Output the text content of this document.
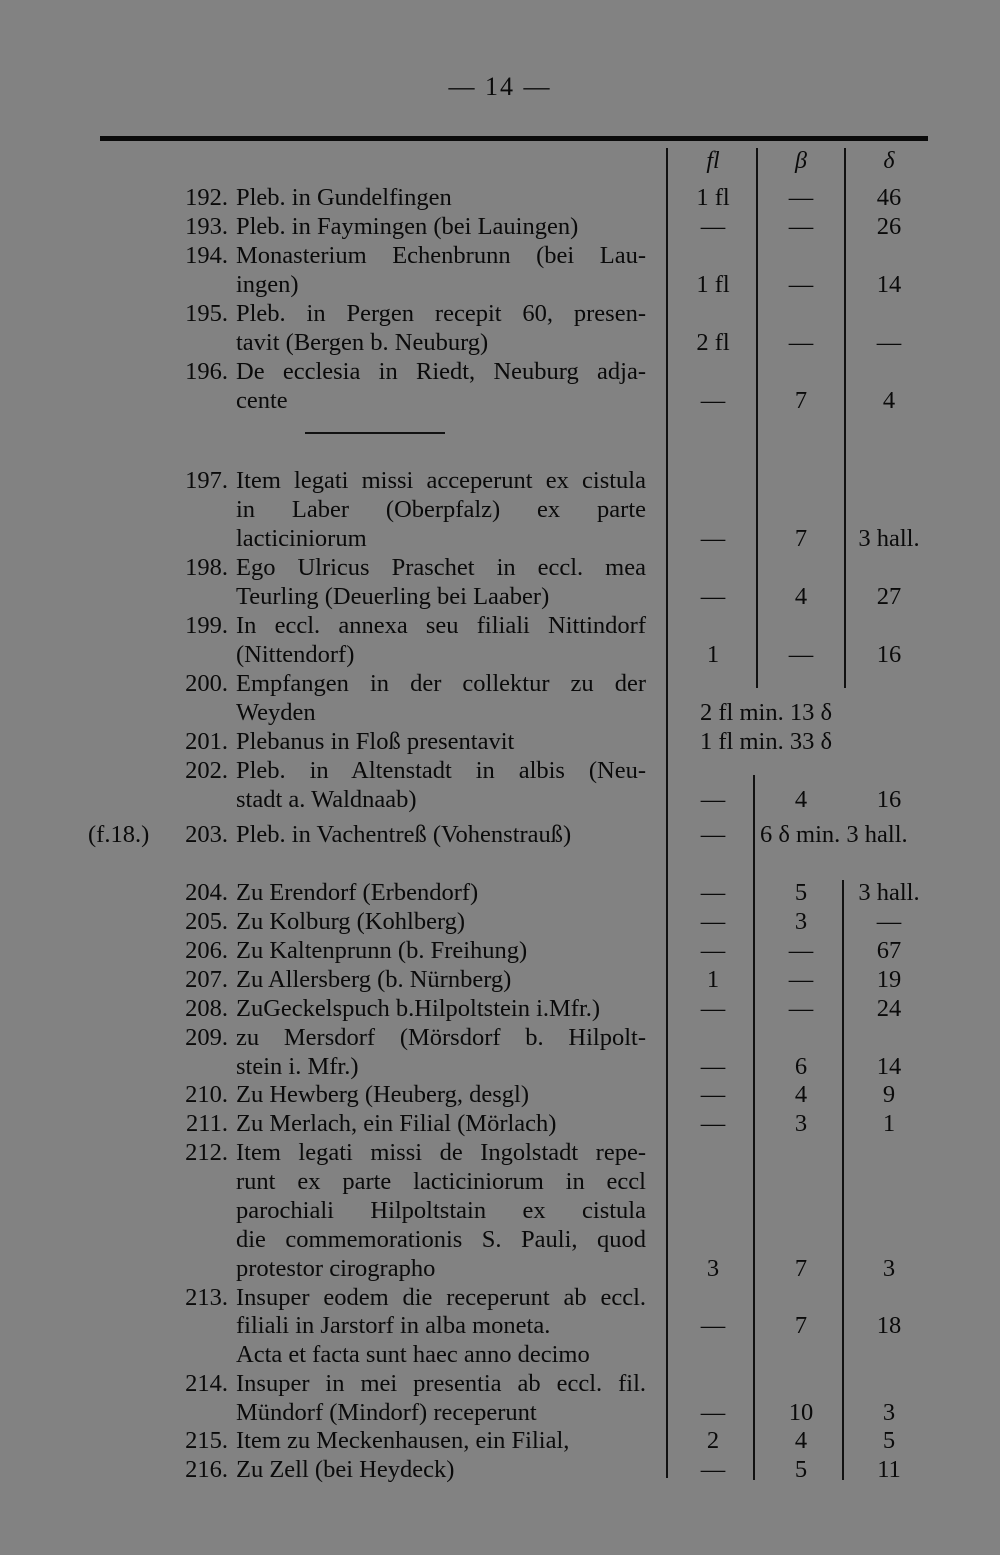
— 14 —
fl	β	δ
192. Pleb. in Gundelfingen	1 fl	—	46
193. Pleb. in Faymingen (bei Lauingen)	—	—	26
194. Monasterium Echenbrunn (bei Lau-
ingen)	1 fl	—	14
195. Pleb. in Pergen recepit 60, presen-
tavit (Bergen b. Neuburg)	2 fl	—	—
196. De ecclesia in Riedt, Neuburg adja-
cente	—	7	4
197. Item legati missi acceperunt ex cistula
in Laber (Oberpfalz) ex parte
lacticiniorum	—	7	3 hall.
198. Ego Ulricus Praschet in eccl. mea
Teurling (Deuerling bei Laaber)	—	4	27
199. In eccl. annexa seu filiali Nittindorf
(Nittendorf)	1	—	16
200. Empfangen in der collektur zu der
Weyden	2 fl min. 13 δ
201. Plebanus in Floß presentavit	1 fl min. 33 δ
202. Pleb. in Altenstadt in albis (Neu-
stadt a. Waldnaab)	—	4	16
(f.18.)	203. Pleb. in Vachentreß (Vohenstrauß)	—	6 δ min. 3 hall.
204. Zu Erendorf (Erbendorf)	—	5	3 hall.
205. Zu Kolburg (Kohlberg)	—	3	—
206. Zu Kaltenprunn (b. Freihung)	—	—	67
207. Zu Allersberg (b. Nürnberg)	1	—	19
208. ZuGeckelspuch b.Hilpoltstein i.Mfr.)	—	—	24
209. zu Mersdorf (Mörsdorf b. Hilpolt-
stein i. Mfr.)	—	6	14
210. Zu Hewberg (Heuberg, desgl)	—	4	9
211. Zu Merlach, ein Filial (Mörlach)	—	3	1
212. Item legati missi de Ingolstadt repe-
runt ex parte lacticiniorum in eccl
parochiali Hilpoltstain ex cistula
die commemorationis S. Pauli, quod
protestor cirographo	3	7	3
213. Insuper eodem die receperunt ab eccl.
filiali in Jarstorf in alba moneta.	—	7	18
Acta et facta sunt haec anno decimo
214. Insuper in mei presentia ab eccl. fil.
Mündorf (Mindorf) receperunt	—	10	3
215. Item zu Meckenhausen, ein Filial,	2	4	5
216. Zu Zell (bei Heydeck)	—	5	11
